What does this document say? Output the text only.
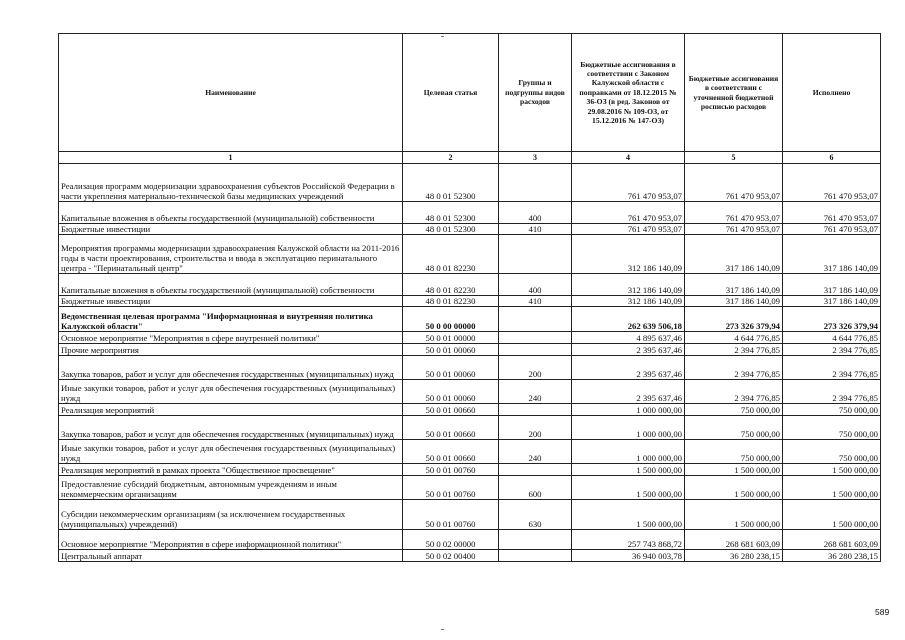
Наименование	Целевая статья	Группы и подгруппы видов расходов	Бюджетные ассигнования в соответствии с Законом Калужской области с поправками от 18.12.2015 № 36-ОЗ (в ред. Законов от 29.08.2016 № 109-ОЗ, от 15.12.2016 № 147-ОЗ)	Бюджетные ассигнования в соответствии с уточненной бюджетной росписью расходов	Исполнено
1	2	3	4	5	6
Реализация программ модернизации здравоохранения субъектов Российской Федерации в части укрепления материально-технической базы медицинских учреждений	48 0 01 52300		761 470 953,07	761 470 953,07	761 470 953,07
Капитальные вложения в объекты государственной (муниципальной) собственности	48 0 01 52300	400	761 470 953,07	761 470 953,07	761 470 953,07
Бюджетные инвестиции	48 0 01 52300	410	761 470 953,07	761 470 953,07	761 470 953,07
Мероприятия программы модернизации здравоохранения Калужской области на 2011-2016 годы в части проектирования, строительства и ввода в эксплуатацию перинатального центра - "Перинатальный центр"	48 0 01 82230		312 186 140,09	317 186 140,09	317 186 140,09
Капитальные вложения в объекты государственной (муниципальной) собственности	48 0 01 82230	400	312 186 140,09	317 186 140,09	317 186 140,09
Бюджетные инвестиции	48 0 01 82230	410	312 186 140,09	317 186 140,09	317 186 140,09
Ведомственная целевая программа "Информационная и внутренняя политика Калужской области"	50 0 00 00000		262 639 506,18	273 326 379,94	273 326 379,94
Основное мероприятие "Мероприятия в сфере внутренней политики"	50 0 01 00000		4 895 637,46	4 644 776,85	4 644 776,85
Прочие мероприятия	50 0 01 00060		2 395 637,46	2 394 776,85	2 394 776,85
Закупка товаров, работ и услуг для обеспечения государственных (муниципальных) нужд	50 0 01 00060	200	2 395 637,46	2 394 776,85	2 394 776,85
Иные закупки товаров, работ и услуг для обеспечения государственных (муниципальных) нужд	50 0 01 00060	240	2 395 637,46	2 394 776,85	2 394 776,85
Реализация мероприятий	50 0 01 00660		1 000 000,00	750 000,00	750 000,00
Закупка товаров, работ и услуг для обеспечения государственных (муниципальных) нужд	50 0 01 00660	200	1 000 000,00	750 000,00	750 000,00
Иные закупки товаров, работ и услуг для обеспечения государственных (муниципальных) нужд	50 0 01 00660	240	1 000 000,00	750 000,00	750 000,00
Реализация мероприятий в рамках проекта "Общественное просвещение"	50 0 01 00760		1 500 000,00	1 500 000,00	1 500 000,00
Предоставление субсидий бюджетным, автономным учреждениям и иным некоммерческим организациям	50 0 01 00760	600	1 500 000,00	1 500 000,00	1 500 000,00
Субсидии некоммерческим организациям (за исключением государственных (муниципальных) учреждений)	50 0 01 00760	630	1 500 000,00	1 500 000,00	1 500 000,00
Основное мероприятие "Мероприятия в сфере информационной политики"	50 0 02 00000		257 743 868,72	268 681 603,09	268 681 603,09
Центральный аппарат	50 0 02 00400		36 940 003,78	36 280 238,15	36 280 238,15
589
